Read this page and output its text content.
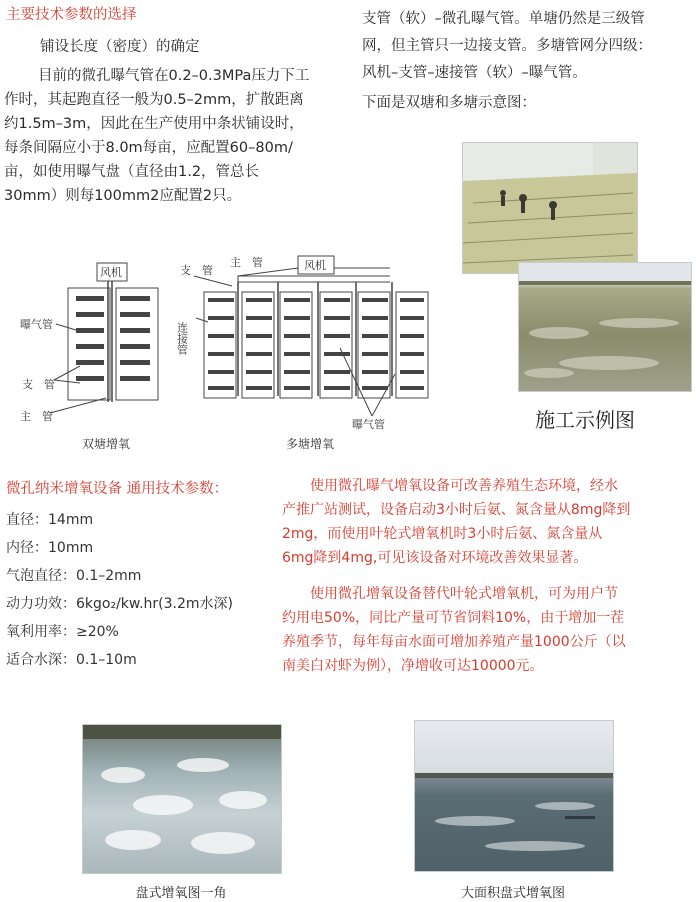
主要技术参数的选择
铺设长度（密度）的确定
目前的微孔曝气管在0.2–0.3MPa压力下工
作时，其起跑直径一般为0.5–2mm，扩散距离
约1.5m–3m，因此在生产使用中条状铺设时，
每条间隔应小于8.0m每亩，应配置60–80m/
亩，如使用曝气盘（直径由1.2，管总长
30mm）则每100mm2应配置2只。
支管（软）–微孔曝气管。单塘仍然是三级管
网，但主管只一边接支管。多塘管网分四级：
风机–支管–速接管（软）–曝气管。
下面是双塘和多塘示意图：
施工示例图
风机
曝气管
支　管
主　管
双塘增氧
主　管	风机
支　管
连接管
曝气管
多塘增氧
微孔纳米增氧设备 通用技术参数：
直径：14mm
内径：10mm
气泡直径：0.1–2mm
动力功效：6kgo₂/kw.hr(3.2m水深)
氧利用率：≥20%
适合水深：0.1–10m
　　使用微孔曝气增氧设备可改善养殖生态环境，经水
产推广站测试，设备启动3小时后氨、氮含量从8mg降到
2mg，而使用叶轮式增氧机时3小时后氨、氮含量从
6mg降到4mg,可见该设备对环境改善效果显著。
　　使用微孔增氧设备替代叶轮式增氧机，可为用户节
约用电50%，同比产量可节省饲料10%，由于增加一茬
养殖季节，每年每亩水面可增加养殖产量1000公斤（以
南美白对虾为例），净增收可达10000元。
盘式增氧图一角	大面积盘式增氧图
